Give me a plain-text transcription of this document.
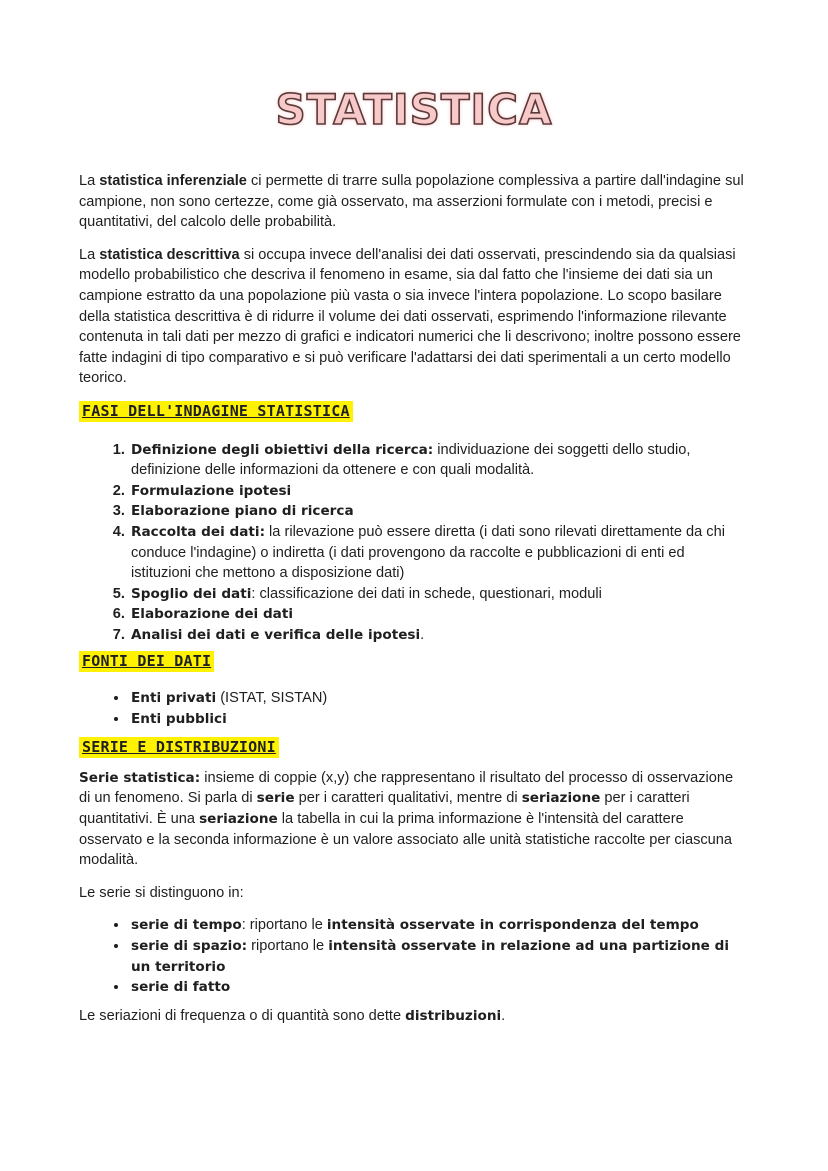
STATISTICA

La statistica inferenziale ci permette di trarre sulla popolazione complessiva a partire dall'indagine sul campione, non sono certezze, come già osservato, ma asserzioni formulate con i metodi, precisi e quantitativi, del calcolo delle probabilità.

La statistica descrittiva si occupa invece dell'analisi dei dati osservati, prescindendo sia da qualsiasi modello probabilistico che descriva il fenomeno in esame, sia dal fatto che l'insieme dei dati sia un campione estratto da una popolazione più vasta o sia invece l'intera popolazione. Lo scopo basilare della statistica descrittiva è di ridurre il volume dei dati osservati, esprimendo l'informazione rilevante contenuta in tali dati per mezzo di grafici e indicatori numerici che li descrivono; inoltre possono essere fatte indagini di tipo comparativo e si può verificare l'adattarsi dei dati sperimentali a un certo modello teorico.

FASI DELL'INDAGINE STATISTICA
1. Definizione degli obiettivi della ricerca: individuazione dei soggetti dello studio, definizione delle informazioni da ottenere e con quali modalità.
2. Formulazione ipotesi
3. Elaborazione piano di ricerca
4. Raccolta dei dati: la rilevazione può essere diretta (i dati sono rilevati direttamente da chi conduce l'indagine) o indiretta (i dati provengono da raccolte e pubblicazioni di enti ed istituzioni che mettono a disposizione dati)
5. Spoglio dei dati: classificazione dei dati in schede, questionari, moduli
6. Elaborazione dei dati
7. Analisi dei dati e verifica delle ipotesi.
FONTI DEI DATI
• Enti privati (ISTAT, SISTAN)
• Enti pubblici
SERIE E DISTRIBUZIONI

Serie statistica: insieme di coppie (x,y) che rappresentano il risultato del processo di osservazione di un fenomeno. Si parla di serie per i caratteri qualitativi, mentre di seriazione per i caratteri quantitativi. È una seriazione la tabella in cui la prima informazione è l'intensità del carattere osservato e la seconda informazione è un valore associato alle unità statistiche raccolte per ciascuna modalità.

Le serie si distinguono in:

• serie di tempo: riportano le intensità osservate in corrispondenza del tempo
• serie di spazio: riportano le intensità osservate in relazione ad una partizione di un territorio
• serie di fatto

Le seriazioni di frequenza o di quantità sono dette distribuzioni.
